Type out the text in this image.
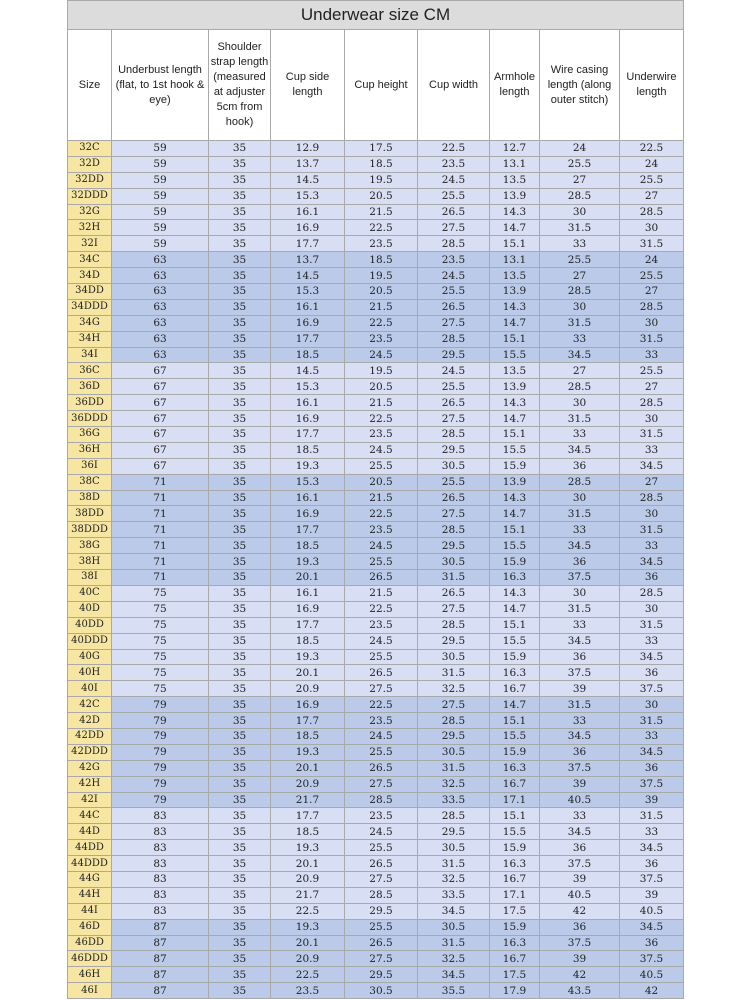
Underwear size CM
Size	Underbust length (flat, to 1st hook & eye)	Shoulder strap length (measured at adjuster 5cm from hook)	Cup side length	Cup height	Cup width	Armhole length	Wire casing length (along outer stitch)	Underwire length
32C	59	35	12.9	17.5	22.5	12.7	24	22.5
32D	59	35	13.7	18.5	23.5	13.1	25.5	24
32DD	59	35	14.5	19.5	24.5	13.5	27	25.5
32DDD	59	35	15.3	20.5	25.5	13.9	28.5	27
32G	59	35	16.1	21.5	26.5	14.3	30	28.5
32H	59	35	16.9	22.5	27.5	14.7	31.5	30
32I	59	35	17.7	23.5	28.5	15.1	33	31.5
34C	63	35	13.7	18.5	23.5	13.1	25.5	24
34D	63	35	14.5	19.5	24.5	13.5	27	25.5
34DD	63	35	15.3	20.5	25.5	13.9	28.5	27
34DDD	63	35	16.1	21.5	26.5	14.3	30	28.5
34G	63	35	16.9	22.5	27.5	14.7	31.5	30
34H	63	35	17.7	23.5	28.5	15.1	33	31.5
34I	63	35	18.5	24.5	29.5	15.5	34.5	33
36C	67	35	14.5	19.5	24.5	13.5	27	25.5
36D	67	35	15.3	20.5	25.5	13.9	28.5	27
36DD	67	35	16.1	21.5	26.5	14.3	30	28.5
36DDD	67	35	16.9	22.5	27.5	14.7	31.5	30
36G	67	35	17.7	23.5	28.5	15.1	33	31.5
36H	67	35	18.5	24.5	29.5	15.5	34.5	33
36I	67	35	19.3	25.5	30.5	15.9	36	34.5
38C	71	35	15.3	20.5	25.5	13.9	28.5	27
38D	71	35	16.1	21.5	26.5	14.3	30	28.5
38DD	71	35	16.9	22.5	27.5	14.7	31.5	30
38DDD	71	35	17.7	23.5	28.5	15.1	33	31.5
38G	71	35	18.5	24.5	29.5	15.5	34.5	33
38H	71	35	19.3	25.5	30.5	15.9	36	34.5
38I	71	35	20.1	26.5	31.5	16.3	37.5	36
40C	75	35	16.1	21.5	26.5	14.3	30	28.5
40D	75	35	16.9	22.5	27.5	14.7	31.5	30
40DD	75	35	17.7	23.5	28.5	15.1	33	31.5
40DDD	75	35	18.5	24.5	29.5	15.5	34.5	33
40G	75	35	19.3	25.5	30.5	15.9	36	34.5
40H	75	35	20.1	26.5	31.5	16.3	37.5	36
40I	75	35	20.9	27.5	32.5	16.7	39	37.5
42C	79	35	16.9	22.5	27.5	14.7	31.5	30
42D	79	35	17.7	23.5	28.5	15.1	33	31.5
42DD	79	35	18.5	24.5	29.5	15.5	34.5	33
42DDD	79	35	19.3	25.5	30.5	15.9	36	34.5
42G	79	35	20.1	26.5	31.5	16.3	37.5	36
42H	79	35	20.9	27.5	32.5	16.7	39	37.5
42I	79	35	21.7	28.5	33.5	17.1	40.5	39
44C	83	35	17.7	23.5	28.5	15.1	33	31.5
44D	83	35	18.5	24.5	29.5	15.5	34.5	33
44DD	83	35	19.3	25.5	30.5	15.9	36	34.5
44DDD	83	35	20.1	26.5	31.5	16.3	37.5	36
44G	83	35	20.9	27.5	32.5	16.7	39	37.5
44H	83	35	21.7	28.5	33.5	17.1	40.5	39
44I	83	35	22.5	29.5	34.5	17.5	42	40.5
46D	87	35	19.3	25.5	30.5	15.9	36	34.5
46DD	87	35	20.1	26.5	31.5	16.3	37.5	36
46DDD	87	35	20.9	27.5	32.5	16.7	39	37.5
46H	87	35	22.5	29.5	34.5	17.5	42	40.5
46I	87	35	23.5	30.5	35.5	17.9	43.5	42
